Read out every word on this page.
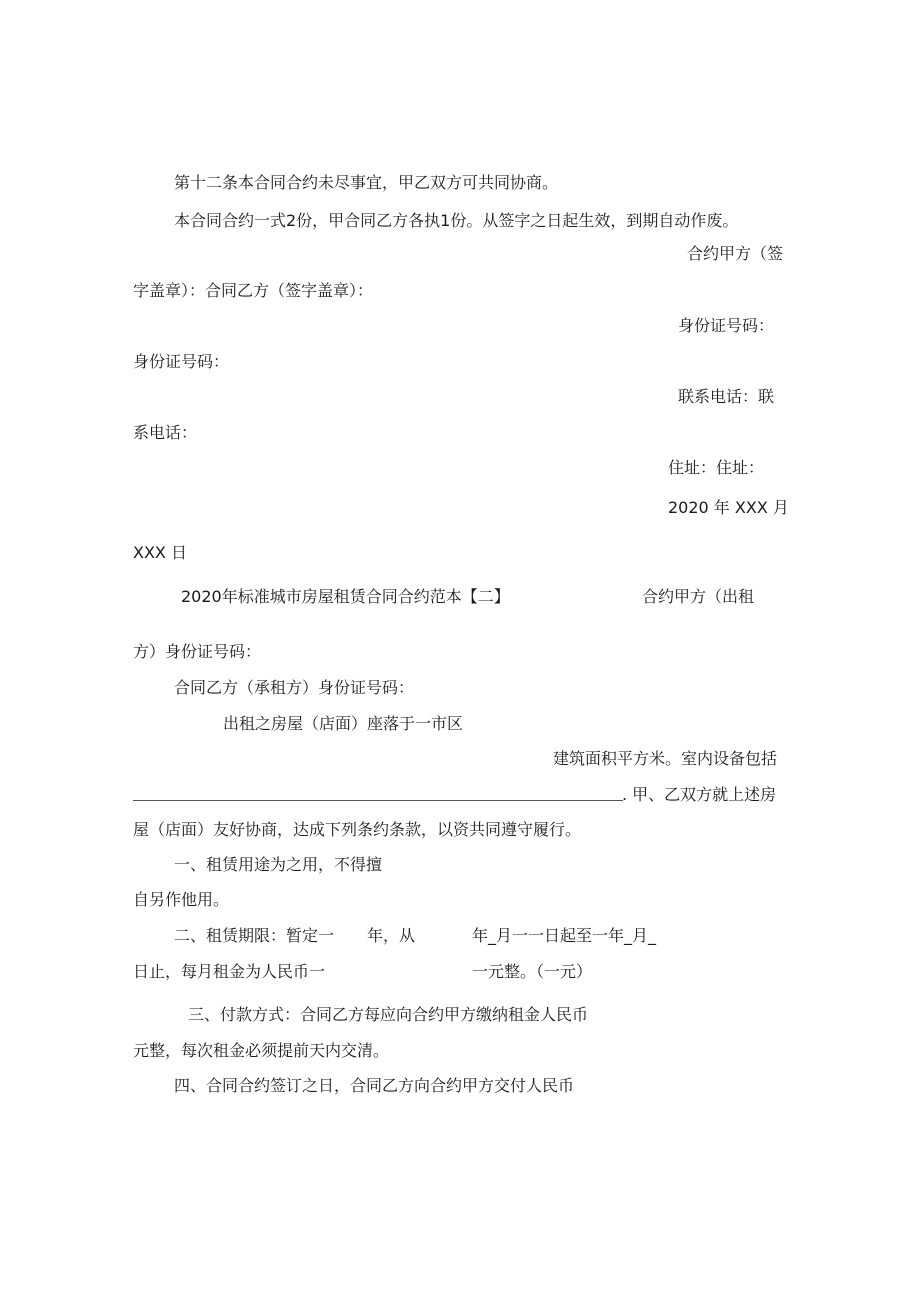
第十二条本合同合约未尽事宜，甲乙双方可共同协商。

本合同合约一式2份，甲合同乙方各执1份。从签字之日起生效，到期自动作废。

合约甲方（签

字盖章）：合同乙方（签字盖章）：

身份证号码：

身份证号码：

联系电话：联

系电话：

住址：住址：

2020 年 XXX 月

XXX 日

2020年标准城市房屋租赁合同合约范本【二】	合约甲方（出租

方）身份证号码：

合同乙方（承租方）身份证号码：

出租之房屋（店面）座落于一市区

建筑面积平方米。室内设备包括

. 甲、乙双方就上述房

屋（店面）友好协商，达成下列条约条款，以资共同遵守履行。

一、租赁用途为之用，不得擅

自另作他用。

二、租赁期限：暂定一 年，从	年_月一一日起至一年_月_

日止，每月租金为人民币一	一元整。（一元）

三、付款方式：合同乙方每应向合约甲方缴纳租金人民币

元整，每次租金必须提前天内交清。

四、合同合约签订之日，合同乙方向合约甲方交付人民币
